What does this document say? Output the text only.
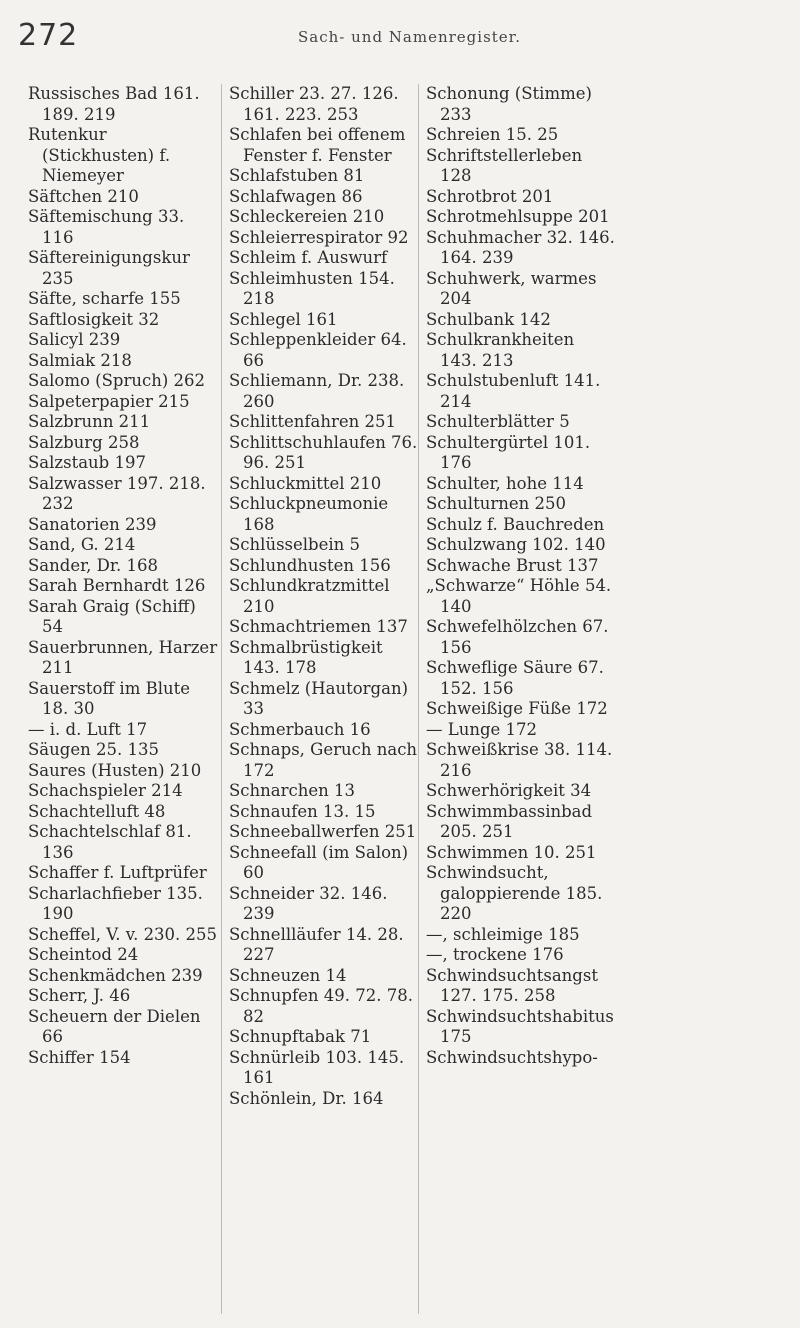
272	Sach- und Namenregister.

Russisches Bad 161. 189. 219

Rutenkur (Stickhusten) f. Niemeyer

Säftchen 210

Säftemischung 33. 116

Säftereinigungskur 235

Säfte, scharfe 155

Saftlosigkeit 32

Salicyl 239

Salmiak 218

Salomo (Spruch) 262

Salpeterpapier 215

Salzbrunn 211

Salzburg 258

Salzstaub 197

Salzwasser 197. 218. 232

Sanatorien 239

Sand, G. 214

Sander, Dr. 168

Sarah Bernhardt 126

Sarah Graig (Schiff) 54

Sauerbrunnen, Harzer 211

Sauerstoff im Blute 18. 30

— i. d. Luft 17

Säugen 25. 135

Saures (Husten) 210

Schachspieler 214

Schachtelluft 48

Schachtelschlaf 81. 136

Schaffer f. Luftprüfer

Scharlachfieber 135. 190

Scheffel, V. v. 230. 255

Scheintod 24

Schenkmädchen 239

Scherr, J. 46

Scheuern der Dielen 66

Schiffer 154

Schiller 23. 27. 126. 161. 223. 253

Schlafen bei offenem Fenster f. Fenster

Schlafstuben 81

Schlafwagen 86

Schleckereien 210

Schleierrespirator 92

Schleim f. Auswurf

Schleimhusten 154. 218

Schlegel 161

Schleppenkleider 64. 66

Schliemann, Dr. 238. 260

Schlittenfahren 251

Schlittschuhlaufen 76. 96. 251

Schluckmittel 210

Schluckpneumonie 168

Schlüsselbein 5

Schlundhusten 156

Schlundkratzmittel 210

Schmachtriemen 137

Schmalbrüstigkeit 143. 178

Schmelz (Hautorgan) 33

Schmerbauch 16

Schnaps, Geruch nach 172

Schnarchen 13

Schnaufen 13. 15

Schneeballwerfen 251

Schneefall (im Salon) 60

Schneider 32. 146. 239

Schnellläufer 14. 28. 227

Schneuzen 14

Schnupfen 49. 72. 78. 82

Schnupftabak 71

Schnürleib 103. 145. 161

Schönlein, Dr. 164

Schonung (Stimme) 233

Schreien 15. 25

Schriftstellerleben 128

Schrotbrot 201

Schrotmehlsuppe 201

Schuhmacher 32. 146. 164. 239

Schuhwerk, warmes 204

Schulbank 142

Schulkrankheiten 143. 213

Schulstubenluft 141. 214

Schulterblätter 5

Schultergürtel 101. 176

Schulter, hohe 114

Schulturnen 250

Schulz f. Bauchreden

Schulzwang 102. 140

Schwache Brust 137

„Schwarze“ Höhle 54. 140

Schwefelhölzchen 67. 156

Schweflige Säure 67. 152. 156

Schweißige Füße 172

— Lunge 172

Schweißkrise 38. 114. 216

Schwerhörigkeit 34

Schwimmbassinbad 205. 251

Schwimmen 10. 251

Schwindsucht, galoppierende 185. 220

—, schleimige 185

—, trockene 176

Schwindsuchtsangst 127. 175. 258

Schwindsuchtshabitus 175

Schwindsuchtshypo-
